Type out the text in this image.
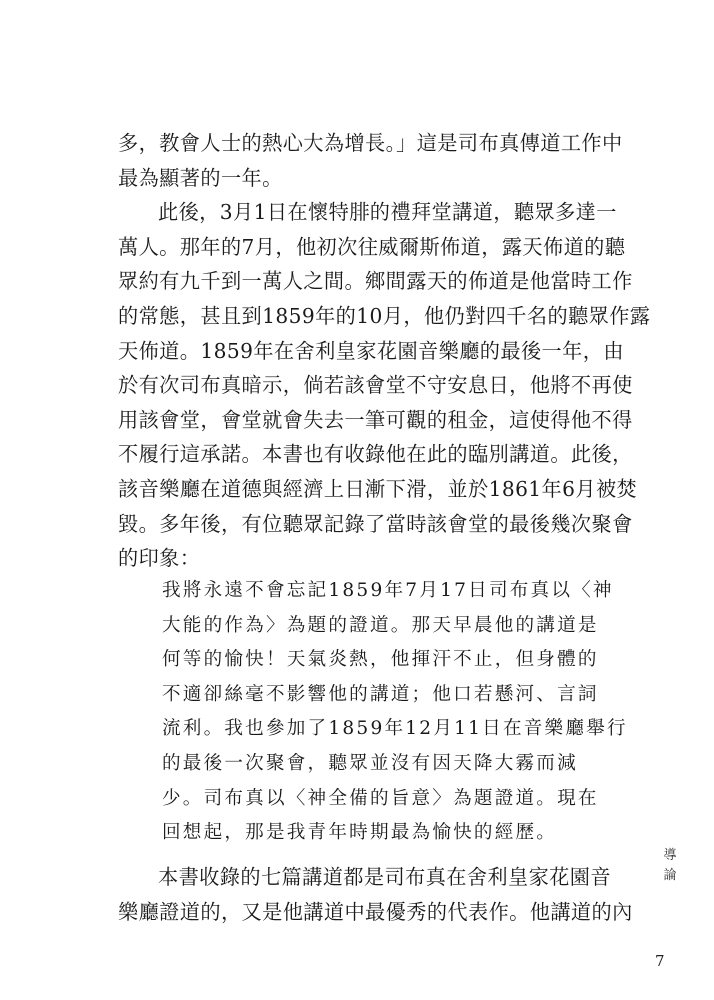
多，教會人士的熱心大為增長。」這是司布真傳道工作中
最為顯著的一年。
此後，3月1日在懷特腓的禮拜堂講道，聽眾多達一
萬人。那年的7月，他初次往威爾斯佈道，露天佈道的聽
眾約有九千到一萬人之間。鄉間露天的佈道是他當時工作
的常態，甚且到1859年的10月，他仍對四千名的聽眾作露
天佈道。1859年在舍利皇家花園音樂廳的最後一年，由
於有次司布真暗示，倘若該會堂不守安息日，他將不再使
用該會堂，會堂就會失去一筆可觀的租金，這使得他不得
不履行這承諾。本書也有收錄他在此的臨別講道。此後，
該音樂廳在道德與經濟上日漸下滑，並於1861年6月被焚
毀。多年後，有位聽眾記錄了當時該會堂的最後幾次聚會
的印象：
我將永遠不會忘記1859年7月17日司布真以〈神
大能的作為〉為題的證道。那天早晨他的講道是
何等的愉快！天氣炎熱，他揮汗不止，但身體的
不適卻絲毫不影響他的講道；他口若懸河、言詞
流利。我也參加了1859年12月11日在音樂廳舉行
的最後一次聚會，聽眾並沒有因天降大霧而減
少。司布真以〈神全備的旨意〉為題證道。現在
回想起，那是我青年時期最為愉快的經歷。
本書收錄的七篇講道都是司布真在舍利皇家花園音
樂廳證道的，又是他講道中最優秀的代表作。他講道的內
導
論
7
